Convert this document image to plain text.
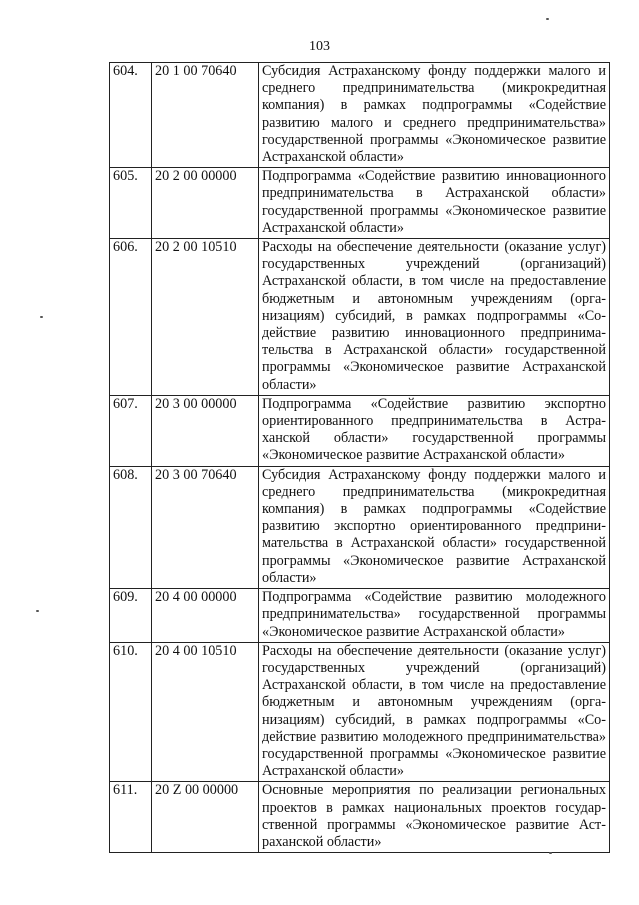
103
604.	20 1 00 70640	Субсидия Астраханскому фонду поддержки малого и среднего предпринимательства (микрокредитная компания) в рамках подпрограммы «Содействие развитию малого и среднего предпринимательства» государственной программы «Экономическое развитие Астраханской области»
605.	20 2 00 00000	Подпрограмма «Содействие развитию инновационного предпринимательства в Астраханской области» государственной программы «Экономическое развитие Астраханской области»
606.	20 2 00 10510	Расходы на обеспечение деятельности (оказание услуг) государственных учреждений (организаций) Астраханской области, в том числе на предоставление бюджетным и автономным учреждениям (организациям) субсидий, в рамках подпрограммы «Содействие развитию инновационного предпринимательства в Астраханской области» государственной программы «Экономическое развитие Астраханской области»
607.	20 3 00 00000	Подпрограмма «Содействие развитию экспортно ориентированного предпринимательства в Астраханской области» государственной программы «Экономическое развитие Астраханской области»
608.	20 3 00 70640	Субсидия Астраханскому фонду поддержки малого и среднего предпринимательства (микрокредитная компания) в рамках подпрограммы «Содействие развитию экспортно ориентированного предпринимательства в Астраханской области» государственной программы «Экономическое развитие Астраханской области»
609.	20 4 00 00000	Подпрограмма «Содействие развитию молодежного предпринимательства» государственной программы «Экономическое развитие Астраханской области»
610.	20 4 00 10510	Расходы на обеспечение деятельности (оказание услуг) государственных учреждений (организаций) Астраханской области, в том числе на предоставление бюджетным и автономным учреждениям (организациям) субсидий, в рамках подпрограммы «Содействие развитию молодежного предпринимательства» государственной программы «Экономическое развитие Астраханской области»
611.	20 Z 00 00000	Основные мероприятия по реализации региональных проектов в рамках национальных проектов государственной программы «Экономическое развитие Астраханской области»
